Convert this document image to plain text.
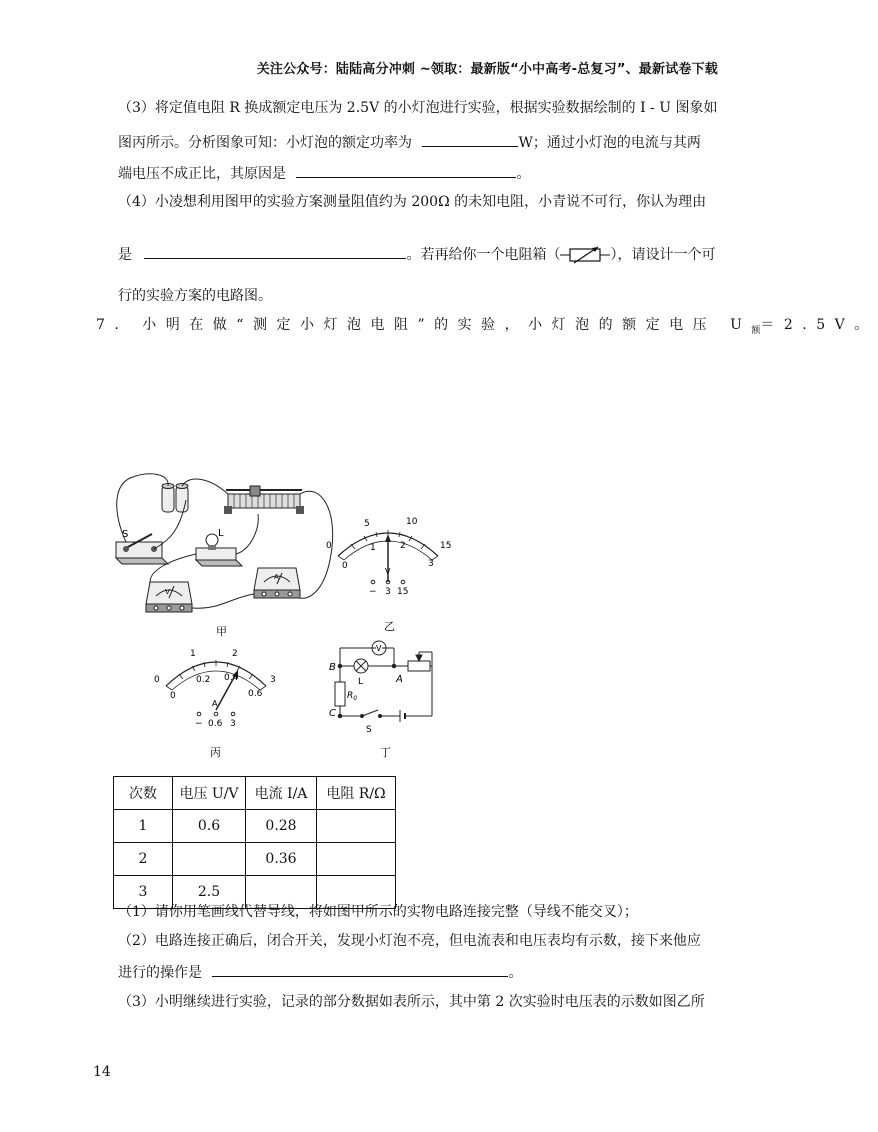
关注公众号：陆陆高分冲刺 ~领取：最新版“小中高考-总复习”、最新试卷下载
（3）将定值电阻 R 换成额定电压为 2.5V 的小灯泡进行实验，根据实验数据绘制的 I - U 图象如
图丙所示。分析图象可知：小灯泡的额定功率为	W；通过小灯泡的电流与其两
端电压不成正比，其原因是	。
（4）小凌想利用图甲的实验方案测量阻值约为 200Ω 的未知电阻，小青说不可行，你认为理由
是	。若再给你一个电阻箱（	），请设计一个可
行的实验方案的电路图。
7. 小明在做“测定小灯泡电阻”的实验，小灯泡的额定电压 $U_额=2.5V$。
S	L
V
A
甲
0
5	10
15
0
1	2
3
V
− 3 15
乙
0
1	2
3
0
0.2 0.4
0.6
A
− 0.6 3
丙
V
B
A
C
L
$R_0$
S
丁
次数	电压 U/V	电流 I/A	电阻 R/Ω
1	0.6	0.28	
2		0.36	
3	2.5		
（1）请你用笔画线代替导线，将如图甲所示的实物电路连接完整（导线不能交叉）；
（2）电路连接正确后，闭合开关，发现小灯泡不亮，但电流表和电压表均有示数，接下来他应
进行的操作是	。
（3）小明继续进行实验，记录的部分数据如表所示，其中第 2 次实验时电压表的示数如图乙所
14
